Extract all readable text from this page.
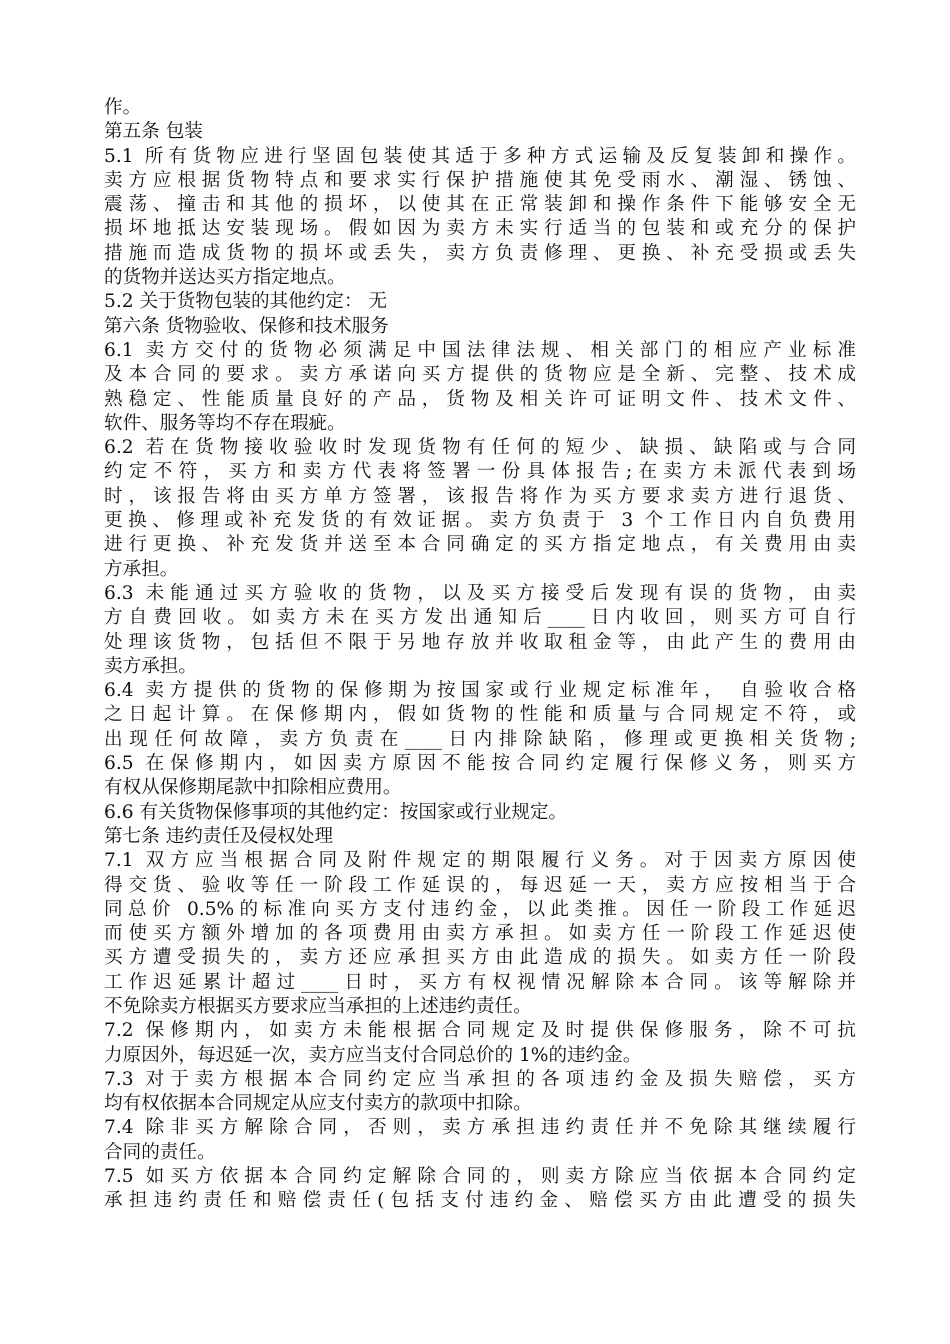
作。
第五条 包装
5.1 所有货物应进行坚固包装使其适于多种方式运输及反复装卸和操作。
卖方应根据货物特点和要求实行保护措施使其免受雨水、潮湿、锈蚀、
震荡、撞击和其他的损坏，以使其在正常装卸和操作条件下能够安全无
损坏地抵达安装现场。假如因为卖方未实行适当的包装和或充分的保护
措施而造成货物的损坏或丢失，卖方负责修理、更换、补充受损或丢失
的货物并送达买方指定地点。
5.2 关于货物包装的其他约定： 无
第六条 货物验收、保修和技术服务
6.1 卖方交付的货物必须满足中国法律法规、相关部门的相应产业标准
及本合同的要求。卖方承诺向买方提供的货物应是全新、完整、技术成
熟稳定、性能质量良好的产品，货物及相关许可证明文件、技术文件、
软件、服务等均不存在瑕疵。
6.2 若在货物接收验收时发现货物有任何的短少、缺损、缺陷或与合同
约定不符，买方和卖方代表将签署一份具体报告;在卖方未派代表到场
时，该报告将由买方单方签署，该报告将作为买方要求卖方进行退货、
更换、修理或补充发货的有效证据。卖方负责于 3 个工作日内自负费用
进行更换、补充发货并送至本合同确定的买方指定地点，有关费用由卖
方承担。
6.3 未能通过买方验收的货物，以及买方接受后发现有误的货物，由卖
方自费回收。如卖方未在买方发出通知后____日内收回，则买方可自行
处理该货物，包括但不限于另地存放并收取租金等，由此产生的费用由
卖方承担。
6.4 卖方提供的货物的保修期为按国家或行业规定标准年， 自验收合格
之日起计算。在保修期内，假如货物的性能和质量与合同规定不符，或
出现任何故障，卖方负责在____日内排除缺陷，修理或更换相关货物;
6.5 在保修期内，如因卖方原因不能按合同约定履行保修义务，则买方
有权从保修期尾款中扣除相应费用。
6.6 有关货物保修事项的其他约定：按国家或行业规定。
第七条 违约责任及侵权处理
7.1 双方应当根据合同及附件规定的期限履行义务。对于因卖方原因使
得交货、验收等任一阶段工作延误的，每迟延一天，卖方应按相当于合
同总价 0.5%的标准向买方支付违约金，以此类推。因任一阶段工作延迟
而使买方额外增加的各项费用由卖方承担。如卖方任一阶段工作延迟使
买方遭受损失的，卖方还应承担买方由此造成的损失。如卖方任一阶段
工作迟延累计超过____日时，买方有权视情况解除本合同。该等解除并
不免除卖方根据买方要求应当承担的上述违约责任。
7.2 保修期内，如卖方未能根据合同规定及时提供保修服务，除不可抗
力原因外，每迟延一次，卖方应当支付合同总价的 1%的违约金。
7.3 对于卖方根据本合同约定应当承担的各项违约金及损失赔偿，买方
均有权依据本合同规定从应支付卖方的款项中扣除。
7.4 除非买方解除合同，否则，卖方承担违约责任并不免除其继续履行
合同的责任。
7.5 如买方依据本合同约定解除合同的，则卖方除应当依据本合同约定
承担违约责任和赔偿责任(包括支付违约金、赔偿买方由此遭受的损失
